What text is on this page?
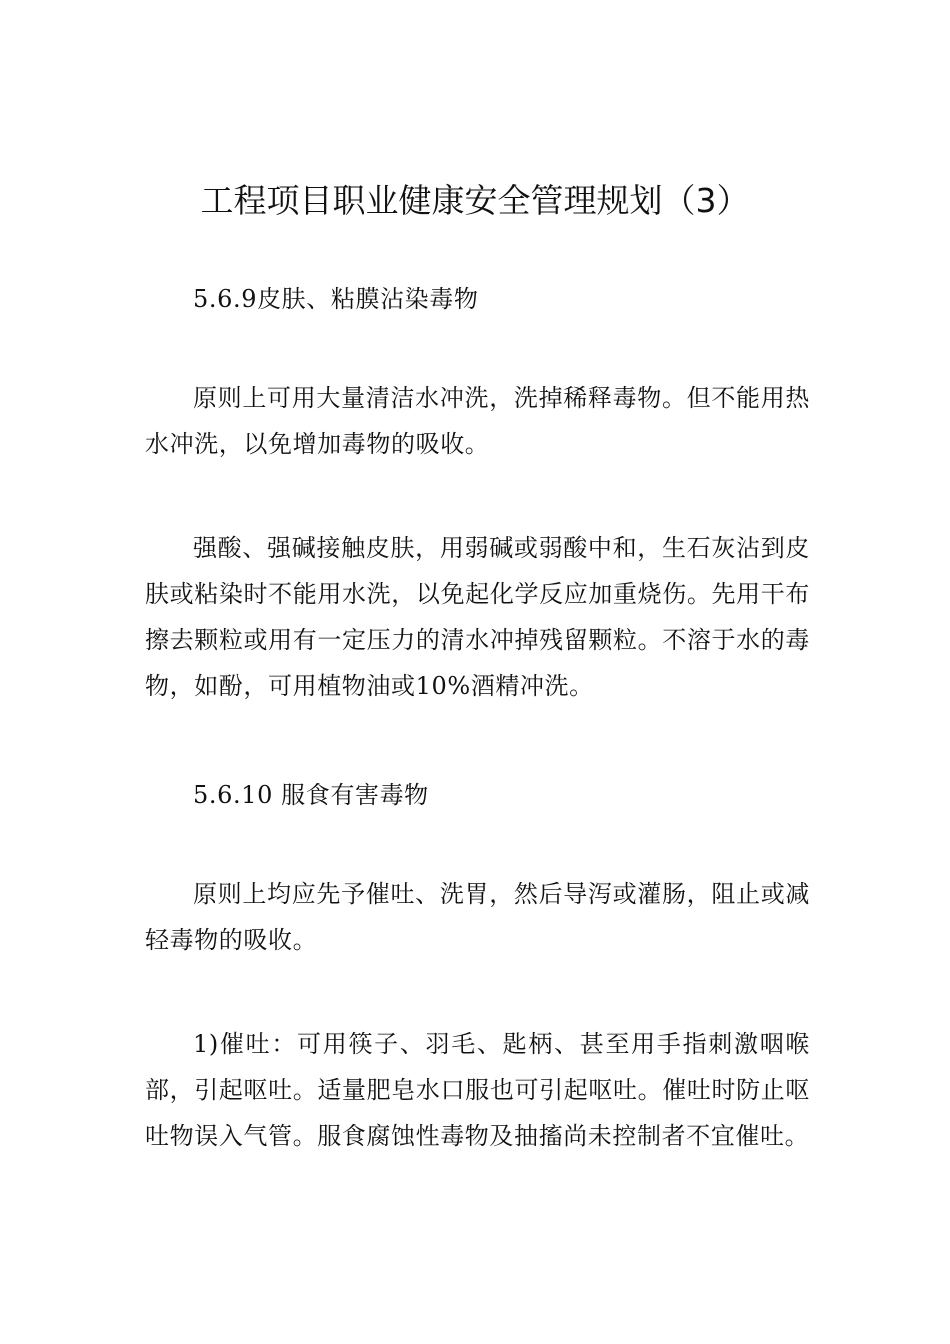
工程项目职业健康安全管理规划（3）

5.6.9皮肤、粘膜沾染毒物

原则上可用大量清洁水冲洗，洗掉稀释毒物。但不能用热水冲洗，以免增加毒物的吸收。

强酸、强碱接触皮肤，用弱碱或弱酸中和，生石灰沾到皮肤或粘染时不能用水洗，以免起化学反应加重烧伤。先用干布擦去颗粒或用有一定压力的清水冲掉残留颗粒。不溶于水的毒物，如酚，可用植物油或10%酒精冲洗。

5.6.10 服食有害毒物

原则上均应先予催吐、洗胃，然后导泻或灌肠，阻止或减轻毒物的吸收。

1)催吐：可用筷子、羽毛、匙柄、甚至用手指刺激咽喉部，引起呕吐。适量肥皂水口服也可引起呕吐。催吐时防止呕吐物误入气管。服食腐蚀性毒物及抽搐尚未控制者不宜催吐。
